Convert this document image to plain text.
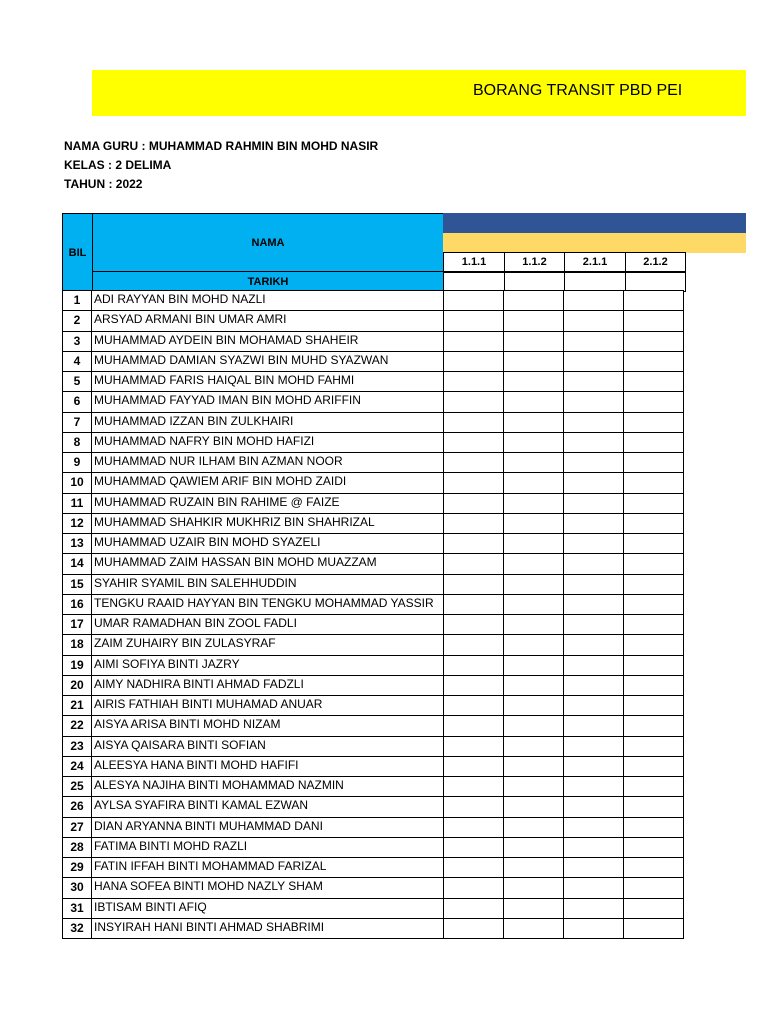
BORANG TRANSIT PBD PEI
NAMA GURU : MUHAMMAD RAHMIN BIN MOHD NASIR
KELAS : 2 DELIMA
TAHUN : 2022
BIL
NAMA
TARIKH
1.1.1	1.1.2	2.1.1	2.1.2
1	ADI RAYYAN BIN MOHD NAZLI
2	ARSYAD ARMANI BIN UMAR AMRI
3	MUHAMMAD AYDEIN BIN MOHAMAD SHAHEIR
4	MUHAMMAD DAMIAN SYAZWI BIN MUHD SYAZWAN
5	MUHAMMAD FARIS HAIQAL BIN MOHD FAHMI
6	MUHAMMAD FAYYAD IMAN BIN MOHD ARIFFIN
7	MUHAMMAD IZZAN BIN ZULKHAIRI
8	MUHAMMAD NAFRY BIN MOHD HAFIZI
9	MUHAMMAD NUR ILHAM BIN AZMAN NOOR
10 MUHAMMAD QAWIEM ARIF BIN MOHD ZAIDI
11 MUHAMMAD RUZAIN BIN RAHIME @ FAIZE
12 MUHAMMAD SHAHKIR MUKHRIZ BIN SHAHRIZAL
13 MUHAMMAD UZAIR BIN MOHD SYAZELI
14 MUHAMMAD ZAIM HASSAN BIN MOHD MUAZZAM
15 SYAHIR SYAMIL BIN SALEHHUDDIN
16 TENGKU RAAID HAYYAN BIN TENGKU MOHAMMAD YASSIR
17 UMAR RAMADHAN BIN ZOOL FADLI
18 ZAIM ZUHAIRY BIN ZULASYRAF
19 AIMI SOFIYA BINTI JAZRY
20 AIMY NADHIRA BINTI AHMAD FADZLI
21 AIRIS FATHIAH BINTI MUHAMAD ANUAR
22 AISYA ARISA BINTI MOHD NIZAM
23 AISYA QAISARA BINTI SOFIAN
24 ALEESYA HANA BINTI MOHD HAFIFI
25 ALESYA NAJIHA BINTI MOHAMMAD NAZMIN
26 AYLSA SYAFIRA BINTI KAMAL EZWAN
27 DIAN ARYANNA BINTI MUHAMMAD DANI
28 FATIMA BINTI MOHD RAZLI
29 FATIN IFFAH BINTI MOHAMMAD FARIZAL
30 HANA SOFEA BINTI MOHD NAZLY SHAM
31 IBTISAM BINTI AFIQ
32 INSYIRAH HANI BINTI AHMAD SHABRIMI
